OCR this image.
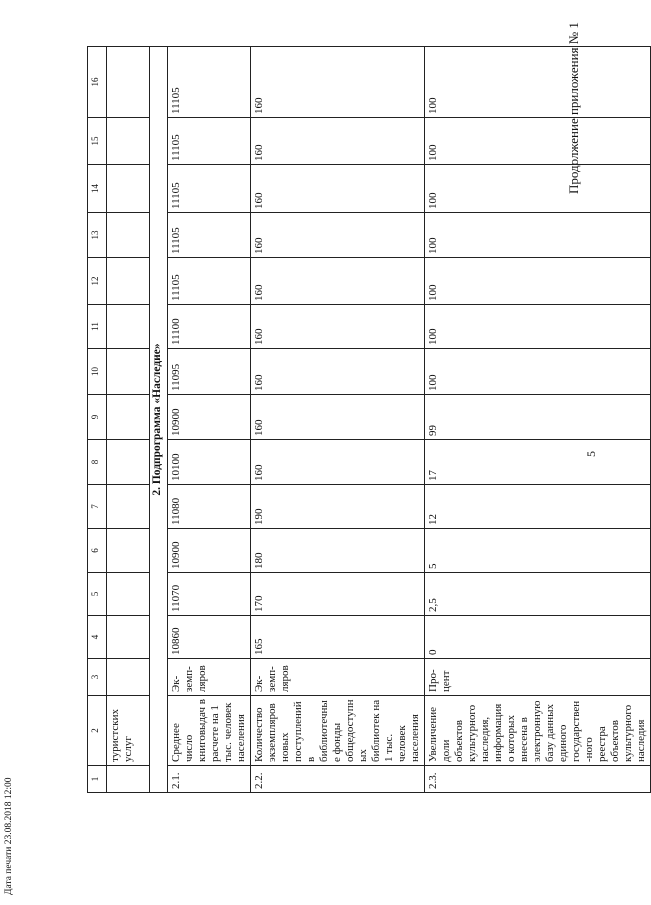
5
Продолжение приложения № 1
Дата печати 23.08.2018 12:00	1	2	3	4	5	6	7	8	9	10	11	12	13	14	15	16
	туристских услуг														
2. Подпрограмма «Наследие»															
2.1.	Среднее число книговыдач в расчете на 1 тыс. человек населения	Эк-земп-ляров	10860	11070	10900	11080	10100	10900	11095	11100	11105	11105	11105	11105	11105
2.2.	Количество экземпляров новых поступлений в библиотечные фонды общедоступных библиотек на 1 тыс. человек населения	Эк-земп-ляров	165	170	180	190	160	160	160	160	160	160	160	160	160
2.3.	Увеличение доли объектов культурного наследия, информация о которых внесена в электронную базу данных единого государствен-ного реестра объектов культурного наследия	Про-цент	0	2,5	5	12	17	99	100	100	100	100	100	100	100
